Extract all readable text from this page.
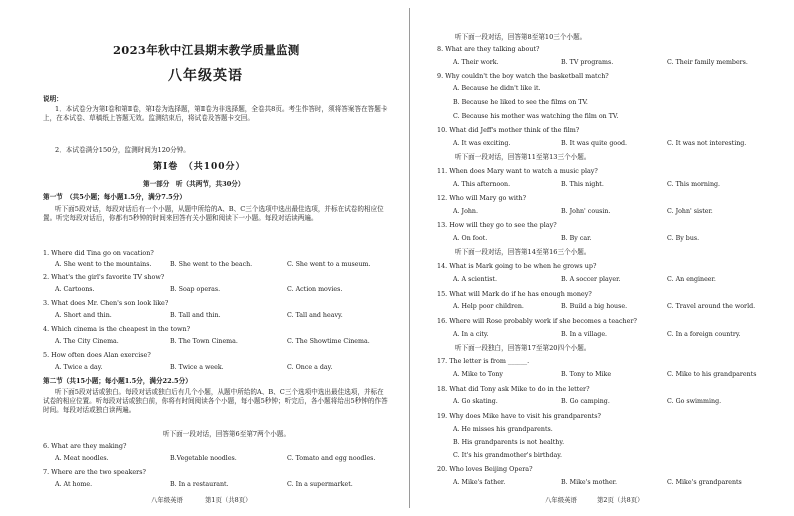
2023年秋中江县期末教学质量监测
八年级英语
说明：
1．本试卷分为第Ⅰ卷和第Ⅱ卷，第Ⅰ卷为选择题，第Ⅱ卷为非选择题，全卷共8页。考生作答时，须将答案答在答题卡上，在本试卷、草稿纸上答题无效。监测结束后，将试卷及答题卡交回。
2．本试卷满分150分，监测时间为120分钟。
第Ⅰ卷　（共100分）
第一部分　听（共两节，共30分）
第一节　（共5小题；每小题1.5分，满分7.5分）
听下面5段对话，每段对话后有一个小题，从题中所给的A、B、C三个选项中选出最佳选项，并标在试卷的相应位置。听完每段对话后，你都有5秒钟的时间来回答有关小题和阅读下一小题。每段对话读两遍。
1. Where did Tina go on vacation?
A. She went to the mountains.	B. She went to the beach.	C. She went to a museum.
2. What's the girl's favorite TV show?
A. Cartoons.	B. Soap operas.	C. Action movies.
3. What does Mr. Chen's son look like?
A. Short and thin.	B. Tall and thin.	C. Tall and heavy.
4. Which cinema is the cheapest in the town?
A. The City Cinema.	B. The Town Cinema.	C. The Showtime Cinema.
5. How often does Alan exercise?
A. Twice a day.	B. Twice a week.	C. Once a day.
第二节（共15小题；每小题1.5分，满分22.5分）
听下面5段对话或独白。每段对话或独白后有几个小题，从题中所给的A、B、C三个选项中选出最佳选项，并标在试卷的相应位置。听每段对话或独白前，你将有时间阅读各个小题，每小题5秒钟；听完后，各小题将给出5秒钟的作答时间。每段对话或独白读两遍。
听下面一段对话，回答第6至第7两个小题。
6. What are they making?
A. Meat noodles.	B.Vegetable noodles.	C. Tomato and egg noodles.
7. Where are the two speakers?
A. At home.	B. In a restaurant.	C. In a supermarket.
八年级英语	第1页（共8页）
听下面一段对话，回答第8至第10三个小题。
8. What are they talking about?
A. Their work.	B. TV programs.	C. Their family members.
9. Why couldn't the boy watch the basketball match?
A. Because he didn't like it.
B. Because he liked to see the films on TV.
C. Because his mother was watching the film on TV.
10. What did Jeff's mother think of the film?
A. It was exciting.	B. It was quite good.	C. It was not interesting.
听下面一段对话，回答第11至第13三个小题。
11. When does Mary want to watch a music play?
A. This afternoon.	B. This night.	C. This morning.
12. Who will Mary go with?
A. John.	B. John' cousin.	C. John' sister.
13. How will they go to see the play?
A. On foot.	B. By car.	C. By bus.
听下面一段对话，回答第14至第16三个小题。
14. What is Mark going to be when he grows up?
A. A scientist.	B. A soccer player.	C. An engineer.
15. What will Mark do if he has enough money?
A. Help poor children.	B. Build a big house.	C. Travel around the world.
16. Where will Rose probably work if she becomes a teacher?
A. In a city.	B. In a village.	C. In a foreign country.
听下面一段独白，回答第17至第20四个小题。
17. The letter is from ______.
A. Mike to Tony	B. Tony to Mike	C. Mike to his grandparents
18. What did Tony ask Mike to do in the letter?
A. Go skating.	B. Go camping.	C. Go swimming.
19. Why does Mike have to visit his grandparents?
A. He misses his grandparents.
B. His grandparents is not healthy.
C. It's his grandmother's birthday.
20. Who loves Beijing Opera?
A. Mike's father.	B. Mike's mother.	C. Mike's grandparents
八年级英语	第2页（共8页）
